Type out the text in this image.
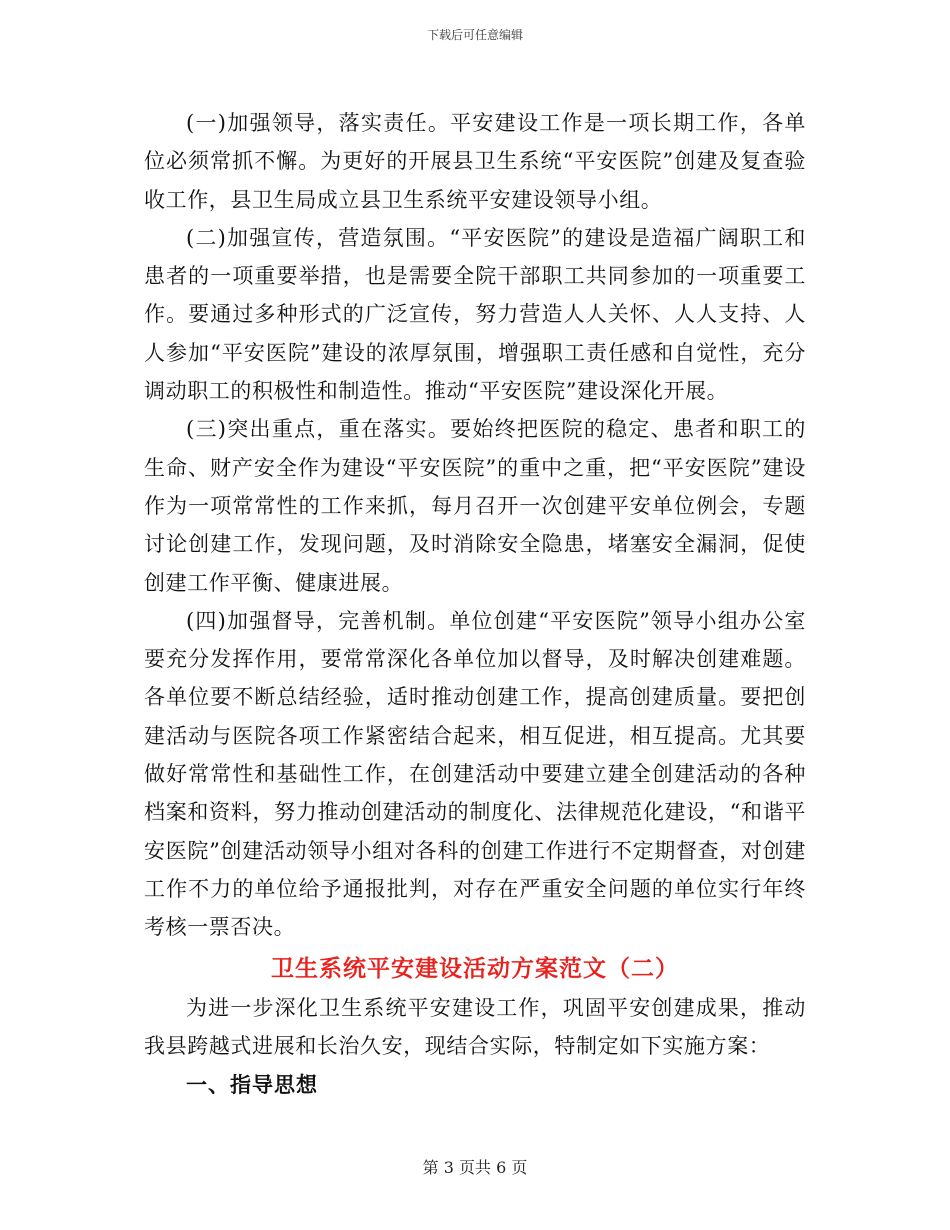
下载后可任意编辑

(一)加强领导，落实责任。平安建设工作是一项长期工作，各单位必须常抓不懈。为更好的开展县卫生系统“平安医院”创建及复查验收工作，县卫生局成立县卫生系统平安建设领导小组。

(二)加强宣传，营造氛围。“平安医院”的建设是造福广阔职工和患者的一项重要举措，也是需要全院干部职工共同参加的一项重要工作。要通过多种形式的广泛宣传，努力营造人人关怀、人人支持、人人参加“平安医院”建设的浓厚氛围，增强职工责任感和自觉性，充分调动职工的积极性和制造性。推动“平安医院”建设深化开展。

(三)突出重点，重在落实。要始终把医院的稳定、患者和职工的生命、财产安全作为建设“平安医院”的重中之重，把“平安医院”建设作为一项常常性的工作来抓，每月召开一次创建平安单位例会，专题讨论创建工作，发现问题，及时消除安全隐患，堵塞安全漏洞，促使创建工作平衡、健康进展。

(四)加强督导，完善机制。单位创建“平安医院”领导小组办公室要充分发挥作用，要常常深化各单位加以督导，及时解决创建难题。各单位要不断总结经验，适时推动创建工作，提高创建质量。要把创建活动与医院各项工作紧密结合起来，相互促进，相互提高。尤其要做好常常性和基础性工作，在创建活动中要建立建全创建活动的各种档案和资料，努力推动创建活动的制度化、法律规范化建设，“和谐平安医院”创建活动领导小组对各科的创建工作进行不定期督查，对创建工作不力的单位给予通报批判，对存在严重安全问题的单位实行年终考核一票否决。

卫生系统平安建设活动方案范文（二）

为进一步深化卫生系统平安建设工作，巩固平安创建成果，推动我县跨越式进展和长治久安，现结合实际，特制定如下实施方案：

一、指导思想

第 3 页共 6 页
